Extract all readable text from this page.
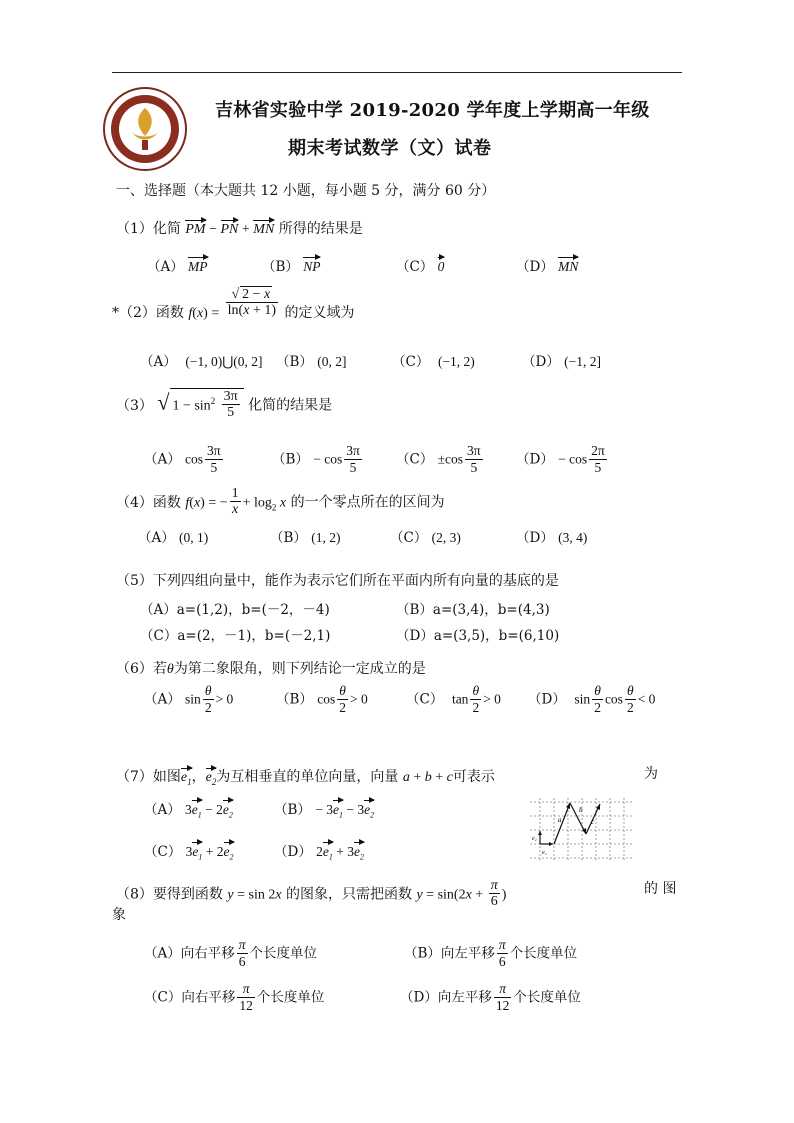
吉林省实验中学 2019-2020 学年度上学期高一年级
期末考试数学（文）试卷
一、选择题（本大题共 12 小题，每小题 5 分，满分 60 分）
（1）化简 PM − PN + MN 所得的结果是
（A） MP	（B） NP	（C） 0	（D） MN
*（2）函数 $f(x) = \frac{√ 2 - x}{\ln(x + 1)}$ 的定义域为
（A） (−1, 0)⋃(0, 2] （B） (0, 2]	（C） (−1, 2)	（D） (−1, 2]
（3） √ $1 - \sin^2 \frac{3\pi}{5}$ 化简的结果是
（A） $\cos \frac{3\pi}{5}$	$(B) - \cos \frac{3\pi}{5}$	$(C) \pm\cos \frac{3\pi}{5} (D) - \cos \frac{2\pi}{5}$
（4）函数 f(x) = − $\frac{1}{x} + \log_2 x$ 的一个零点所在的区间为
（A） (0, 1)	（B） (1, 2)	（C） (2, 3)	（D） (3, 4)
（5）下列四组向量中，能作为表示它们所在平面内所有向量的基底的是
（A）a=(1,2)，b=(－2，－4)	（B）a=(3,4)，b=(4,3)
（C）a=(2，－1)，b=(－2,1)	（D）a=(3,5)，b=(6,10)
（6）若θ为第二象限角，则下列结论一定成立的是
（A） $\sin \frac{\theta}{2} > 0$	（B） $\cos \frac{\theta}{2} > 0$	（C） $\tan \frac{\theta}{2} > 0$ （D） $\sin \frac{\theta}{2}$ $\cos \frac{\theta}{2} < 0$
（7）如图$e_1$，$e_2$为互相垂直的单位向量，向量 a + b + c可表示	为
（A） $3e_1 - 2e_2$	$(B) - 3e_1 - 3e_2$
（C） $3e_1 + 2e_2$	（D） $2e_1 + 3e_2$
a
b
c
e₂
e₁
（8）要得到函数 y = sin 2x 的图象，只需把函数 $y = \sin(2x + \frac{\pi}{6}$ )	的 图
象
（A）向右平移 $\frac{\pi}{6}$ 个长度单位	（B）向左平移 $\frac{\pi}{6}$ 个长度单位
（C）向右平移 $\frac{\pi}{12}$ 个长度单位	（D）向左平移 $\frac{\pi}{12}$ 个长度单位
